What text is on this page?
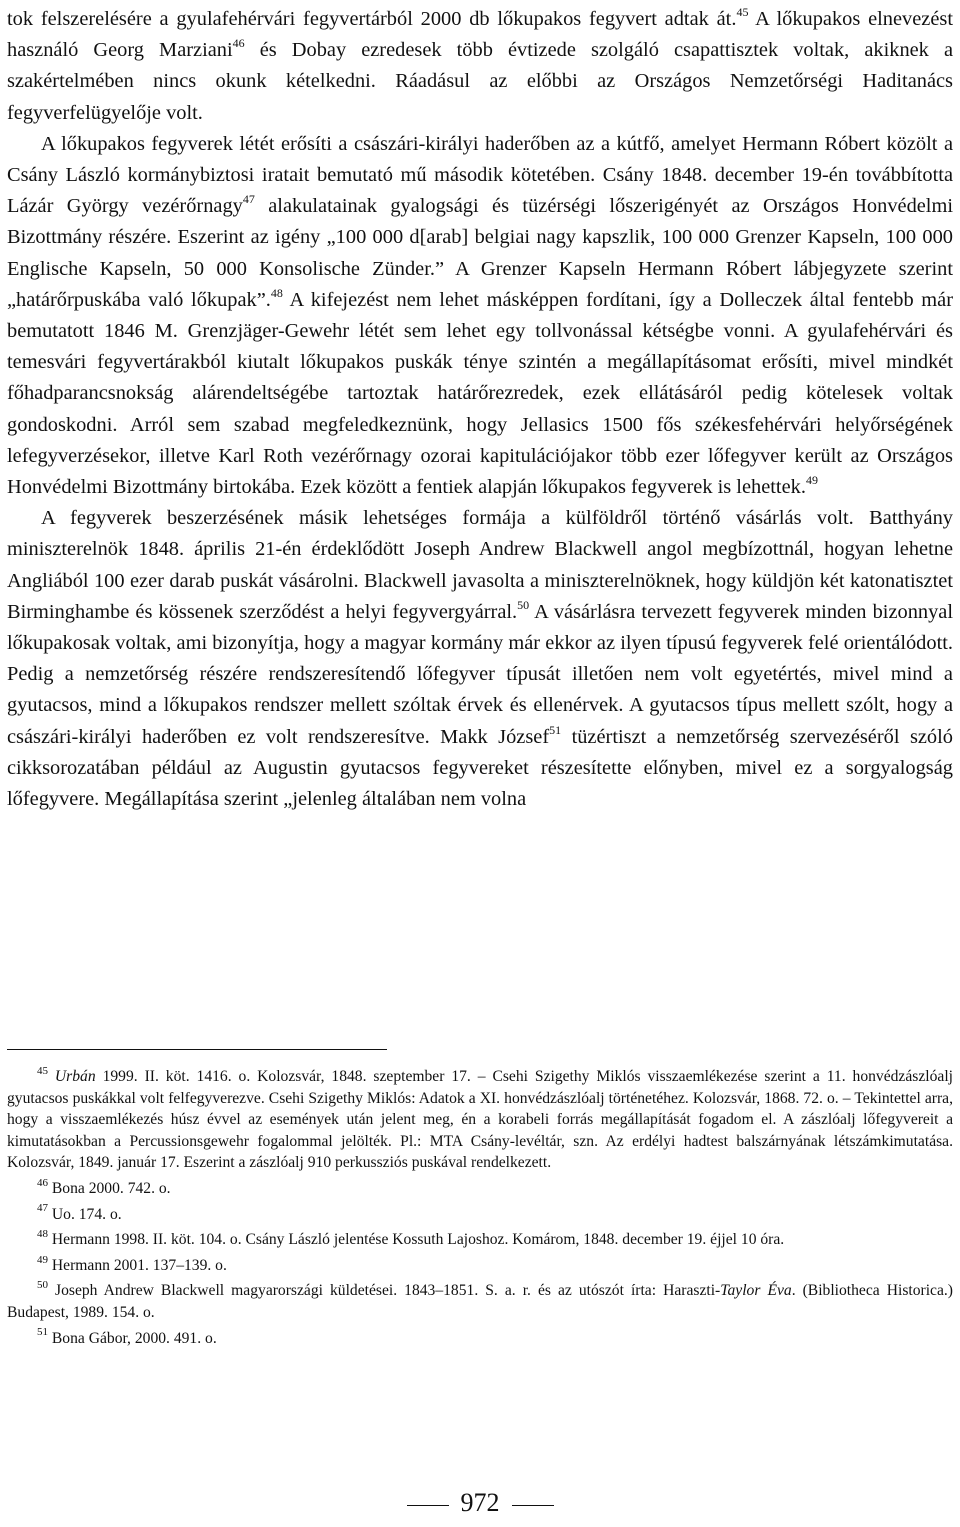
tok felszerelésére a gyulafehérvári fegyvertárból 2000 db lőkupakos fegyvert adtak át.$^{45}$ A lőkupakos elnevezést használó Georg Marziani$^{46}$ és Dobay ezredesek több évtizede szolgáló csapattisztek voltak, akiknek a szakértelmében nincs okunk kételkedni. Ráadásul az előbbi az Országos Nemzetőrségi Haditanács fegyverfelügyelője volt.

A lőkupakos fegyverek létét erősíti a császári-királyi haderőben az a kútfő, amelyet Hermann Róbert közölt a Csány László kormánybiztosi iratait bemutató mű második kötetében. Csány 1848. december 19-én továbbította Lázár György vezérőrnagy$^{47}$ alakulatainak gyalogsági és tüzérségi lőszerigényét az Országos Honvédelmi Bizottmány részére. Eszerint az igény „100 000 d[arab] belgiai nagy kapszlik, 100 000 Grenzer Kapseln, 100 000 Englische Kapseln, 50 000 Konsolische Zünder.” A Grenzer Kapseln Hermann Róbert lábjegyzete szerint „határőrpuskába való lőkupak”.$^{48}$ A kifejezést nem lehet másképpen fordítani, így a Dolleczek által fentebb már bemutatott 1846 M. Grenzjäger-Gewehr létét sem lehet egy tollvonással kétségbe vonni. A gyulafehérvári és temesvári fegyvertárakból kiutalt lőkupakos puskák ténye szintén a megállapításomat erősíti, mivel mindkét főhadparancsnokság alárendeltségébe tartoztak határőrezredek, ezek ellátásáról pedig kötelesek voltak gondoskodni. Arról sem szabad megfeledkeznünk, hogy Jellasics 1500 fős székesfehérvári helyőrségének lefegyverzésekor, illetve Karl Roth vezérőrnagy ozorai kapitulációjakor több ezer lőfegyver került az Országos Honvédelmi Bizottmány birtokába. Ezek között a fentiek alapján lőkupakos fegyverek is lehettek.$^{49}$

A fegyverek beszerzésének másik lehetséges formája a külföldről történő vásárlás volt. Batthyány miniszterelnök 1848. április 21-én érdeklődött Joseph Andrew Blackwell angol megbízottnál, hogyan lehetne Angliából 100 ezer darab puskát vásárolni. Blackwell javasolta a miniszterelnöknek, hogy küldjön két katonatisztet Birminghambe és kössenek szerződést a helyi fegyvergyárral.$^{50}$ A vásárlásra tervezett fegyverek minden bizonnyal lőkupakosak voltak, ami bizonyítja, hogy a magyar kormány már ekkor az ilyen típusú fegyverek felé orientálódott. Pedig a nemzetőrség részére rendszeresítendő lőfegyver típusát illetően nem volt egyetértés, mivel mind a gyutacsos, mind a lőkupakos rendszer mellett szóltak érvek és ellenérvek. A gyutacsos típus mellett szólt, hogy a császári-királyi haderőben ez volt rendszeresítve. Makk József$^{51}$ tüzértiszt a nemzetőrség szervezéséről szóló cikksorozatában például az Augustin gyutacsos fegyvereket részesítette előnyben, mivel ez a sorgyalogság lőfegyvere. Megállapítása szerint „jelenleg általában nem volna

$^{45}$ Urbán 1999. II. köt. 1416. o. Kolozsvár, 1848. szeptember 17. – Csehi Szigethy Miklós visszaemlékezése szerint a 11. honvédzászlóalj gyutacsos puskákkal volt felfegyverezve. Csehi Szigethy Miklós: Adatok a XI. honvédzászlóalj történetéhez. Kolozsvár, 1868. 72. o. – Tekintettel arra, hogy a visszaemlékezés húsz évvel az események után jelent meg, én a korabeli forrás megállapítását fogadom el. A zászlóalj lőfegyvereit a kimutatásokban a Percussionsgewehr fogalommal jelölték. Pl.: MTA Csány-levéltár, szn. Az erdélyi hadtest balszárnyának létszámkimutatása. Kolozsvár, 1849. január 17. Eszerint a zászlóalj 910 perkussziós puskával rendelkezett.

$^{46}$ Bona 2000. 742. o.

$^{47}$ Uo. 174. o.

$^{48}$ Hermann 1998. II. köt. 104. o. Csány László jelentése Kossuth Lajoshoz. Komárom, 1848. december 19. éjjel 10 óra.

$^{49}$ Hermann 2001. 137–139. o.

$^{50}$ Joseph Andrew Blackwell magyarországi küldetései. 1843–1851. S. a. r. és az utószót írta: Haraszti-Taylor Éva. (Bibliotheca Historica.) Budapest, 1989. 154. o.

$^{51}$ Bona Gábor, 2000. 491. o.

972
